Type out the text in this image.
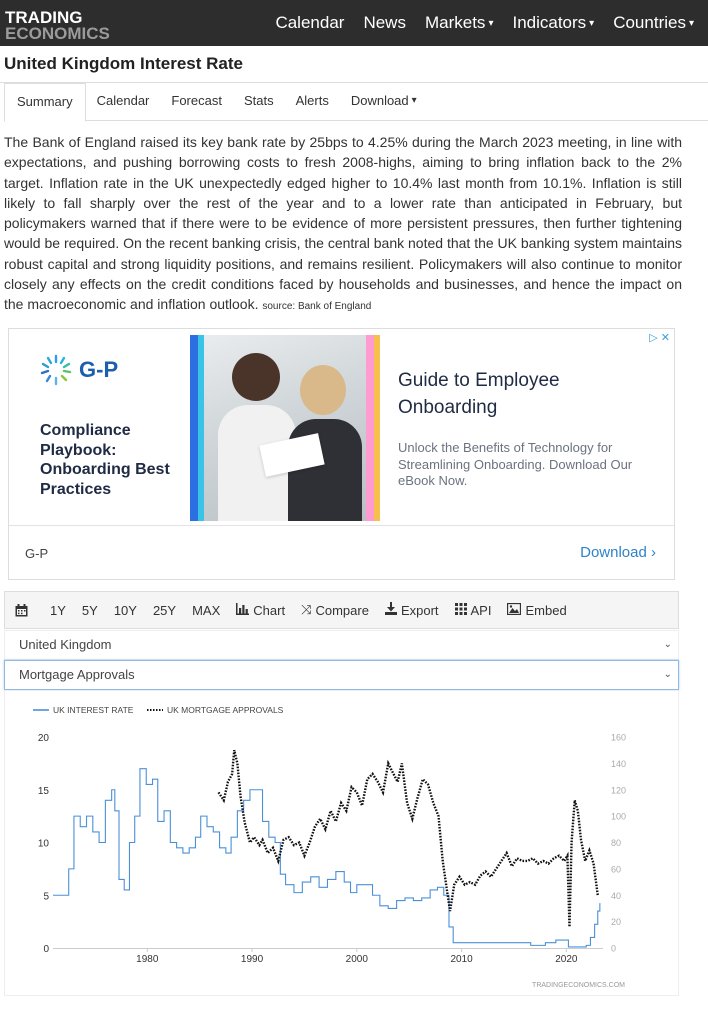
TRADING
ECONOMICS
Calendar News Markets ▾ Indicators ▾ Countries ▾
United Kingdom Interest Rate
Summary	Calendar	Forecast	Stats	Alerts	Download ▾
The Bank of England raised its key bank rate by 25bps to 4.25% during the March 2023 meeting, in line with expectations, and pushing borrowing costs to fresh 2008-highs, aiming to bring inflation back to the 2% target. Inflation rate in the UK unexpectedly edged higher to 10.4% last month from 10.1%. Inflation is still likely to fall sharply over the rest of the year and to a lower rate than anticipated in February, but policymakers warned that if there were to be evidence of more persistent pressures, then further tightening would be required. On the recent banking crisis, the central bank noted that the UK banking system maintains robust capital and strong liquidity positions, and remains resilient. Policymakers will also continue to monitor closely any effects on the credit conditions faced by households and businesses, and hence the impact on the macroeconomic and inflation outlook. source: Bank of England
▷ ✕
G-P
Compliance Playbook: Onboarding Best Practices
Guide to Employee Onboarding
Unlock the Benefits of Technology for Streamlining Onboarding. Download Our eBook Now.
G-P	Download ›
1Y	5Y	10Y	25Y	MAX	Chart ⤨ Compare Export API	Embed
United Kingdom	⌄
Mortgage Approvals	⌄
UK INTEREST RATE	UK MORTGAGE APPROVALS
0
5
10
15
20
0
20
40
60
80
100
120
140
160
1980	1990	2000	2010	2020
TRADINGECONOMICS.COM
